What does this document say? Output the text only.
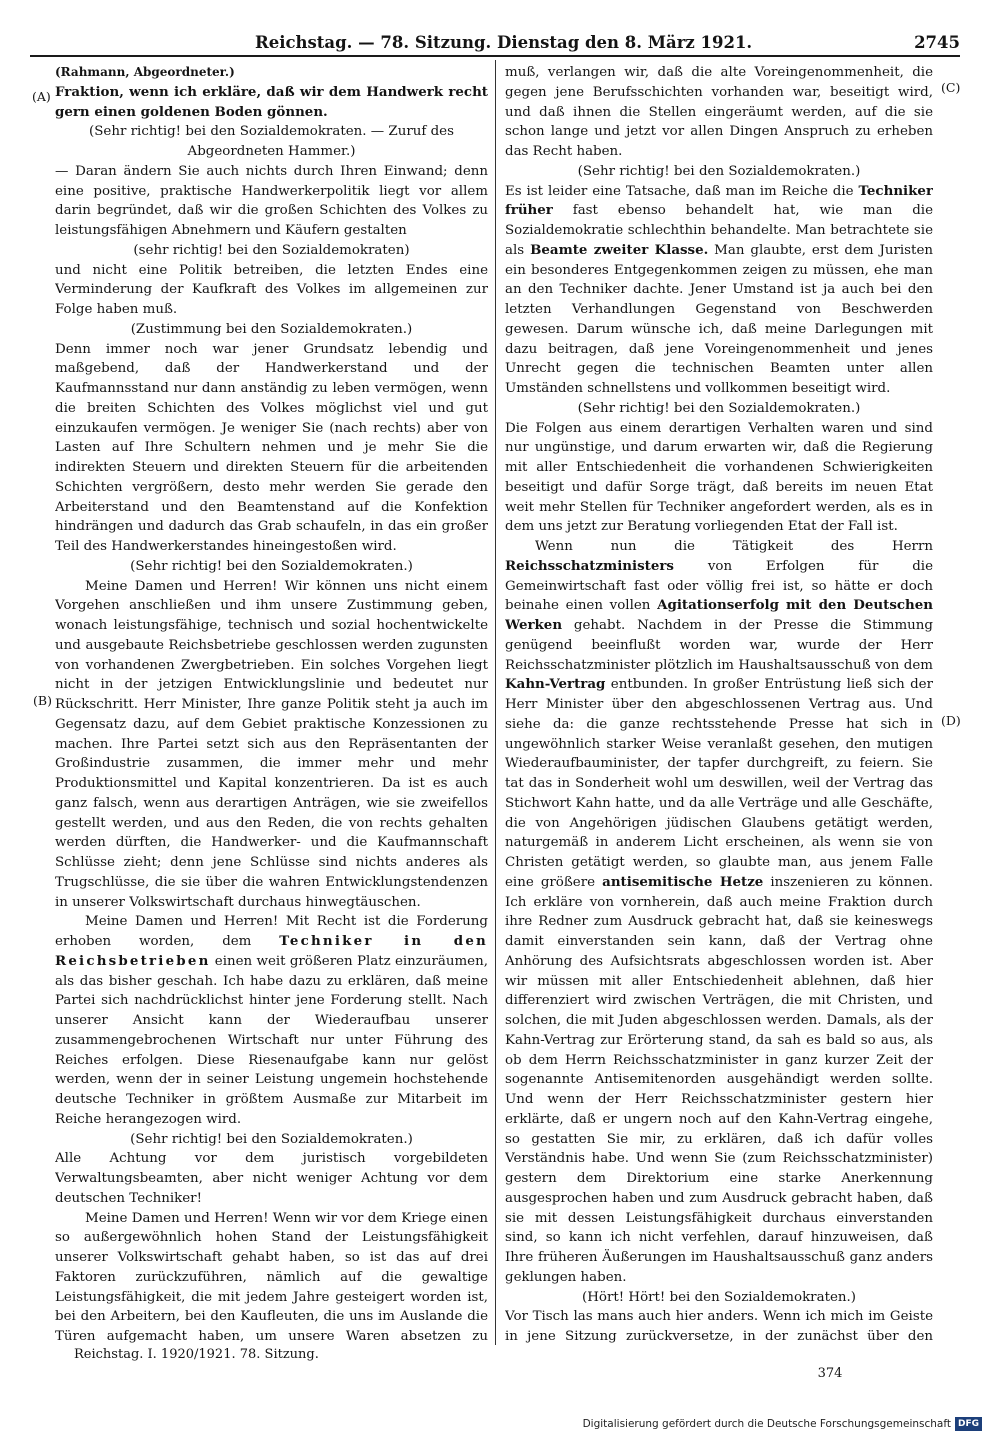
Reichstag. — 78. Sitzung. Dienstag den 8. März 1921.	2745
(A)
(B)
(C)
(D)

(Rahmann, Abgeordneter.)

Fraktion, wenn ich erkläre, daß wir dem Handwerk recht gern einen goldenen Boden gönnen.

(Sehr richtig! bei den Sozialdemokraten. — Zuruf des Abgeordneten Hammer.)

— Daran ändern Sie auch nichts durch Ihren Einwand; denn eine positive, praktische Handwerkerpolitik liegt vor allem darin begründet, daß wir die großen Schichten des Volkes zu leistungsfähigen Abnehmern und Käufern gestalten

(sehr richtig! bei den Sozialdemokraten)

und nicht eine Politik betreiben, die letzten Endes eine Verminderung der Kaufkraft des Volkes im allgemeinen zur Folge haben muß.

(Zustimmung bei den Sozialdemokraten.)

Denn immer noch war jener Grundsatz lebendig und maßgebend, daß der Handwerkerstand und der Kaufmannsstand nur dann anständig zu leben vermögen, wenn die breiten Schichten des Volkes möglichst viel und gut einzukaufen vermögen. Je weniger Sie (nach rechts) aber von Lasten auf Ihre Schultern nehmen und je mehr Sie die indirekten Steuern und direkten Steuern für die arbeitenden Schichten vergrößern, desto mehr werden Sie gerade den Arbeiterstand und den Beamtenstand auf die Konfektion hindrängen und dadurch das Grab schaufeln, in das ein großer Teil des Handwerkerstandes hineingestoßen wird.

(Sehr richtig! bei den Sozialdemokraten.)

Meine Damen und Herren! Wir können uns nicht einem Vorgehen anschließen und ihm unsere Zustimmung geben, wonach leistungsfähige, technisch und sozial hochentwickelte und ausgebaute Reichsbetriebe geschlossen werden zugunsten von vorhandenen Zwergbetrieben. Ein solches Vorgehen liegt nicht in der jetzigen Entwicklungslinie und bedeutet nur Rückschritt. Herr Minister, Ihre ganze Politik steht ja auch im Gegensatz dazu, auf dem Gebiet praktische Konzessionen zu machen. Ihre Partei setzt sich aus den Repräsentanten der Großindustrie zusammen, die immer mehr und mehr Produktionsmittel und Kapital konzentrieren. Da ist es auch ganz falsch, wenn aus derartigen Anträgen, wie sie zweifellos gestellt werden, und aus den Reden, die von rechts gehalten werden dürften, die Handwerker- und die Kaufmannschaft Schlüsse zieht; denn jene Schlüsse sind nichts anderes als Trugschlüsse, die sie über die wahren Entwicklungstendenzen in unserer Volkswirtschaft durchaus hinwegtäuschen.

Meine Damen und Herren! Mit Recht ist die Forderung erhoben worden, dem Techniker in den Reichsbetrieben einen weit größeren Platz einzuräumen, als das bisher geschah. Ich habe dazu zu erklären, daß meine Partei sich nachdrücklichst hinter jene Forderung stellt. Nach unserer Ansicht kann der Wiederaufbau unserer zusammengebrochenen Wirtschaft nur unter Führung des Reiches erfolgen. Diese Riesenaufgabe kann nur gelöst werden, wenn der in seiner Leistung ungemein hochstehende deutsche Techniker in größtem Ausmaße zur Mitarbeit im Reiche herangezogen wird.

(Sehr richtig! bei den Sozialdemokraten.)

Alle Achtung vor dem juristisch vorgebildeten Verwaltungsbeamten, aber nicht weniger Achtung vor dem deutschen Techniker!

Meine Damen und Herren! Wenn wir vor dem Kriege einen so außergewöhnlich hohen Stand der Leistungsfähigkeit unserer Volkswirtschaft gehabt haben, so ist das auf drei Faktoren zurückzuführen, nämlich auf die gewaltige Leistungsfähigkeit, die mit jedem Jahre gesteigert worden ist, bei den Arbeitern, bei den Kaufleuten, die uns im Auslande die Türen aufgemacht haben, um unsere Waren absetzen zu

muß, verlangen wir, daß die alte Voreingenommenheit, die gegen jene Berufsschichten vorhanden war, beseitigt wird, und daß ihnen die Stellen eingeräumt werden, auf die sie schon lange und jetzt vor allen Dingen Anspruch zu erheben das Recht haben.

(Sehr richtig! bei den Sozialdemokraten.)

Es ist leider eine Tatsache, daß man im Reiche die Techniker früher fast ebenso behandelt hat, wie man die Sozialdemokratie schlechthin behandelte. Man betrachtete sie als Beamte zweiter Klasse. Man glaubte, erst dem Juristen ein besonderes Entgegenkommen zeigen zu müssen, ehe man an den Techniker dachte. Jener Umstand ist ja auch bei den letzten Verhandlungen Gegenstand von Beschwerden gewesen. Darum wünsche ich, daß meine Darlegungen mit dazu beitragen, daß jene Voreingenommenheit und jenes Unrecht gegen die technischen Beamten unter allen Umständen schnellstens und vollkommen beseitigt wird.

(Sehr richtig! bei den Sozialdemokraten.)

Die Folgen aus einem derartigen Verhalten waren und sind nur ungünstige, und darum erwarten wir, daß die Regierung mit aller Entschiedenheit die vorhandenen Schwierigkeiten beseitigt und dafür Sorge trägt, daß bereits im neuen Etat weit mehr Stellen für Techniker angefordert werden, als es in dem uns jetzt zur Beratung vorliegenden Etat der Fall ist.

Wenn nun die Tätigkeit des Herrn Reichsschatzministers von Erfolgen für die Gemeinwirtschaft fast oder völlig frei ist, so hätte er doch beinahe einen vollen Agitationserfolg mit den Deutschen Werken gehabt. Nachdem in der Presse die Stimmung genügend beeinflußt worden war, wurde der Herr Reichsschatzminister plötzlich im Haushaltsausschuß von dem Kahn-Vertrag entbunden. In großer Entrüstung ließ sich der Herr Minister über den abgeschlossenen Vertrag aus. Und siehe da: die ganze rechtsstehende Presse hat sich in ungewöhnlich starker Weise veranlaßt gesehen, den mutigen Wiederaufbauminister, der tapfer durchgreift, zu feiern. Sie tat das in Sonderheit wohl um deswillen, weil der Vertrag das Stichwort Kahn hatte, und da alle Verträge und alle Geschäfte, die von Angehörigen jüdischen Glaubens getätigt werden, naturgemäß in anderem Licht erscheinen, als wenn sie von Christen getätigt werden, so glaubte man, aus jenem Falle eine größere antisemitische Hetze inszenieren zu können. Ich erkläre von vornherein, daß auch meine Fraktion durch ihre Redner zum Ausdruck gebracht hat, daß sie keineswegs damit einverstanden sein kann, daß der Vertrag ohne Anhörung des Aufsichtsrats abgeschlossen worden ist. Aber wir müssen mit aller Entschiedenheit ablehnen, daß hier differenziert wird zwischen Verträgen, die mit Christen, und solchen, die mit Juden abgeschlossen werden. Damals, als der Kahn-Vertrag zur Erörterung stand, da sah es bald so aus, als ob dem Herrn Reichsschatzminister in ganz kurzer Zeit der sogenannte Antisemitenorden ausgehändigt werden sollte. Und wenn der Herr Reichsschatzminister gestern hier erklärte, daß er ungern noch auf den Kahn-Vertrag eingehe, so gestatten Sie mir, zu erklären, daß ich dafür volles Verständnis habe. Und wenn Sie (zum Reichsschatzminister) gestern dem Direktorium eine starke Anerkennung ausgesprochen haben und zum Ausdruck gebracht haben, daß sie mit dessen Leistungsfähigkeit durchaus einverstanden sind, so kann ich nicht verfehlen, darauf hinzuweisen, daß Ihre früheren Äußerungen im Haushaltsausschuß ganz anders geklungen haben.

(Hört! Hört! bei den Sozialdemokraten.)

Vor Tisch las mans auch hier anders. Wenn ich mich im Geiste in jene Sitzung zurückversetze, in der zunächst über den

Reichstag. I. 1920/1921. 78. Sitzung.
374
Digitalisierung gefördert durch die Deutsche Forschungsgemeinschaft DFG
